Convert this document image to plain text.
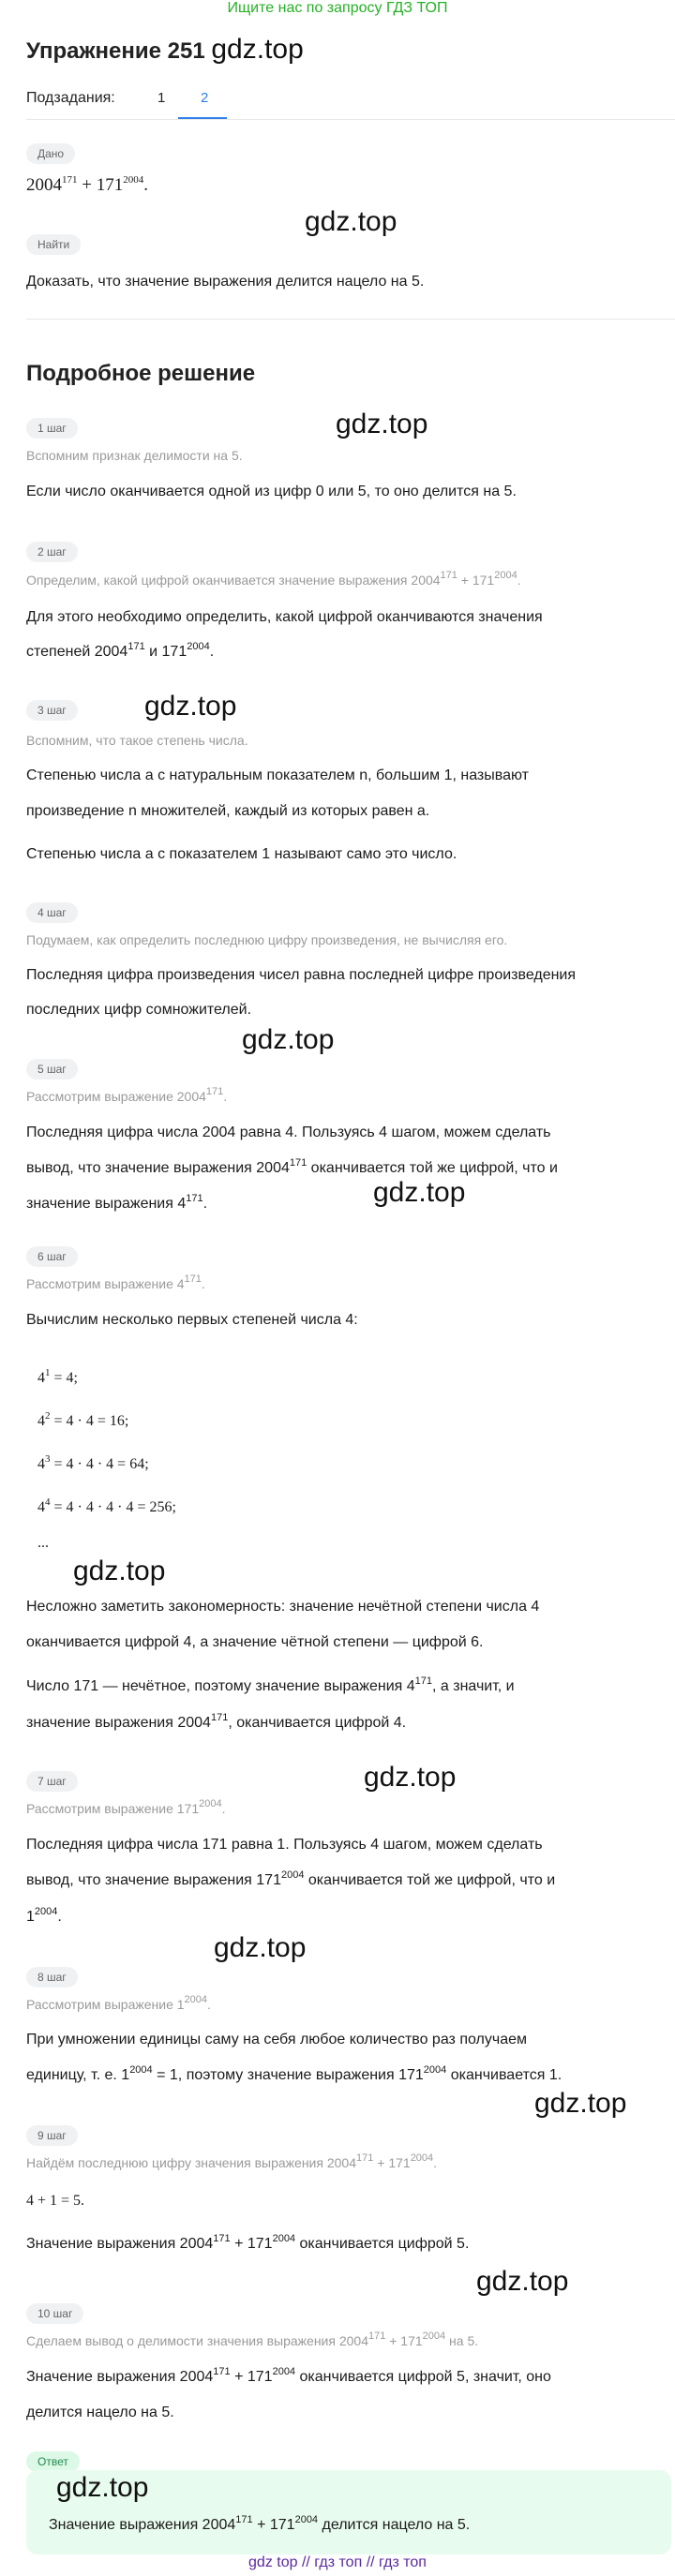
Ищите нас по запросу ГДЗ ТОП
Упражнение 251 gdz.top
Подзадания:	1	2
Дано
$2004^{171} + 171^{2004}$.
gdz.top
Найти
Доказать, что значение выражения делится нацело на 5.
Подробное решение
1 шаг	gdz.top
Вспомним признак делимости на 5.
Если число оканчивается одной из цифр 0 или 5, то оно делится на 5.
2 шаг
Определим, какой цифрой оканчивается значение выражения $2004^{171} + 171^{2004}$.
Для этого необходимо определить, какой цифрой оканчиваются значения
степеней 2004$^{171}$ и $171^{2004}$.
3 шаг	gdz.top
Вспомним, что такое степень числа.
Степенью числа a с натуральным показателем n, большим 1, называют
произведение n множителей, каждый из которых равен a.
Степенью числа a с показателем 1 называют само это число.
4 шаг
Подумаем, как определить последнюю цифру произведения, не вычисляя его.
Последняя цифра произведения чисел равна последней цифре произведения
последних цифр сомножителей.
gdz.top
5 шаг
Рассмотрим выражение 2004$^{171}$.
Последняя цифра числа 2004 равна 4. Пользуясь 4 шагом, можем сделать
вывод, что значение выражения 2004$^{171}$ оканчивается той же цифрой, что и
значение выражения $4^{171}$.	gdz.top
6 шаг
Рассмотрим выражение $4^{171}$.
Вычислим несколько первых степеней числа 4:
$4^1 = 4$;
$4^2 = 4 \cdot 4 = 16$;
$4^3 = 4 \cdot 4 \cdot 4 = 64$;
$4^4 = 4 \cdot 4 \cdot 4 \cdot 4 = 256$;
...
gdz.top
Несложно заметить закономерность: значение нечётной степени числа 4
оканчивается цифрой 4, а значение чётной степени — цифрой 6.
Число 171 — нечётное, поэтому значение выражения $4^{171}$, а значит, и
значение выражения 2004$^{171}$, оканчивается цифрой 4.
7 шаг	gdz.top
Рассмотрим выражение $171^{2004}$.
Последняя цифра числа 171 равна 1. Пользуясь 4 шагом, можем сделать
вывод, что значение выражения $171^{2004}$ оканчивается той же цифрой, что и
$1^{2004}$.
gdz.top
8 шаг
Рассмотрим выражение $1^{2004}$.
При умножении единицы саму на себя любое количество раз получаем
единицу, т. е. $1^{2004} = 1$, поэтому значение выражения $171^{2004}$ оканчивается 1.
gdz.top
9 шаг
Найдём последнюю цифру значения выражения $2004^{171} + 171^{2004}$.
4 + 1 = 5.
Значение выражения $2004^{171} + 171^{2004}$ оканчивается цифрой 5.
gdz.top
10 шаг
Сделаем вывод о делимости значения выражения $2004^{171} + 171^{2004}$ на 5.
Значение выражения $2004^{171} + 171^{2004}$ оканчивается цифрой 5, значит, оно
делится нацело на 5.
Ответ
gdz.top
Значение выражения $2004^{171} + 171^{2004}$ делится нацело на 5.
gdz top // гдз топ // гдз топ
